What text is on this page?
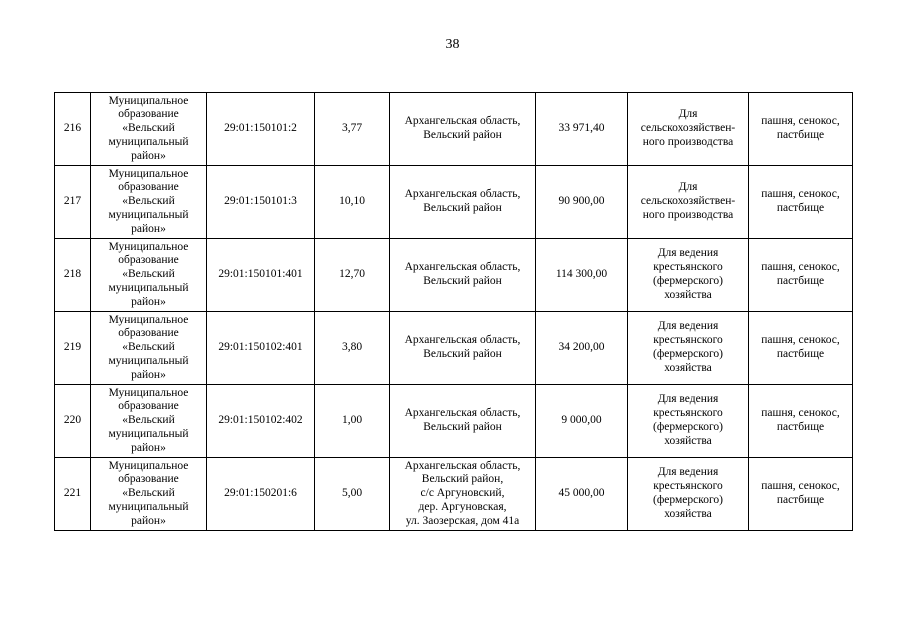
38
216	Муниципальное
образование
«Вельский
муниципальный
район»	29:01:150101:2	3,77	Архангельская область,
Вельский район	33 971,40	Для
сельскохозяйствен-
ного производства	пашня, сенокос,
пастбище
217	Муниципальное
образование
«Вельский
муниципальный
район»	29:01:150101:3	10,10	Архангельская область,
Вельский район	90 900,00	Для
сельскохозяйствен-
ного производства	пашня, сенокос,
пастбище
218	Муниципальное
образование
«Вельский
муниципальный
район»	29:01:150101:401	12,70	Архангельская область,
Вельский район	114 300,00	Для ведения
крестьянского
(фермерского)
хозяйства	пашня, сенокос,
пастбище
219	Муниципальное
образование
«Вельский
муниципальный
район»	29:01:150102:401	3,80	Архангельская область,
Вельский район	34 200,00	Для ведения
крестьянского
(фермерского)
хозяйства	пашня, сенокос,
пастбище
220	Муниципальное
образование
«Вельский
муниципальный
район»	29:01:150102:402	1,00	Архангельская область,
Вельский район	9 000,00	Для ведения
крестьянского
(фермерского)
хозяйства	пашня, сенокос,
пастбище
221	Муниципальное
образование
«Вельский
муниципальный
район»	29:01:150201:6	5,00	Архангельская область,
Вельский район,
с/с Аргуновский,
дер. Аргуновская,
ул. Заозерская, дом 41а	45 000,00	Для ведения
крестьянского
(фермерского)
хозяйства	пашня, сенокос,
пастбище
